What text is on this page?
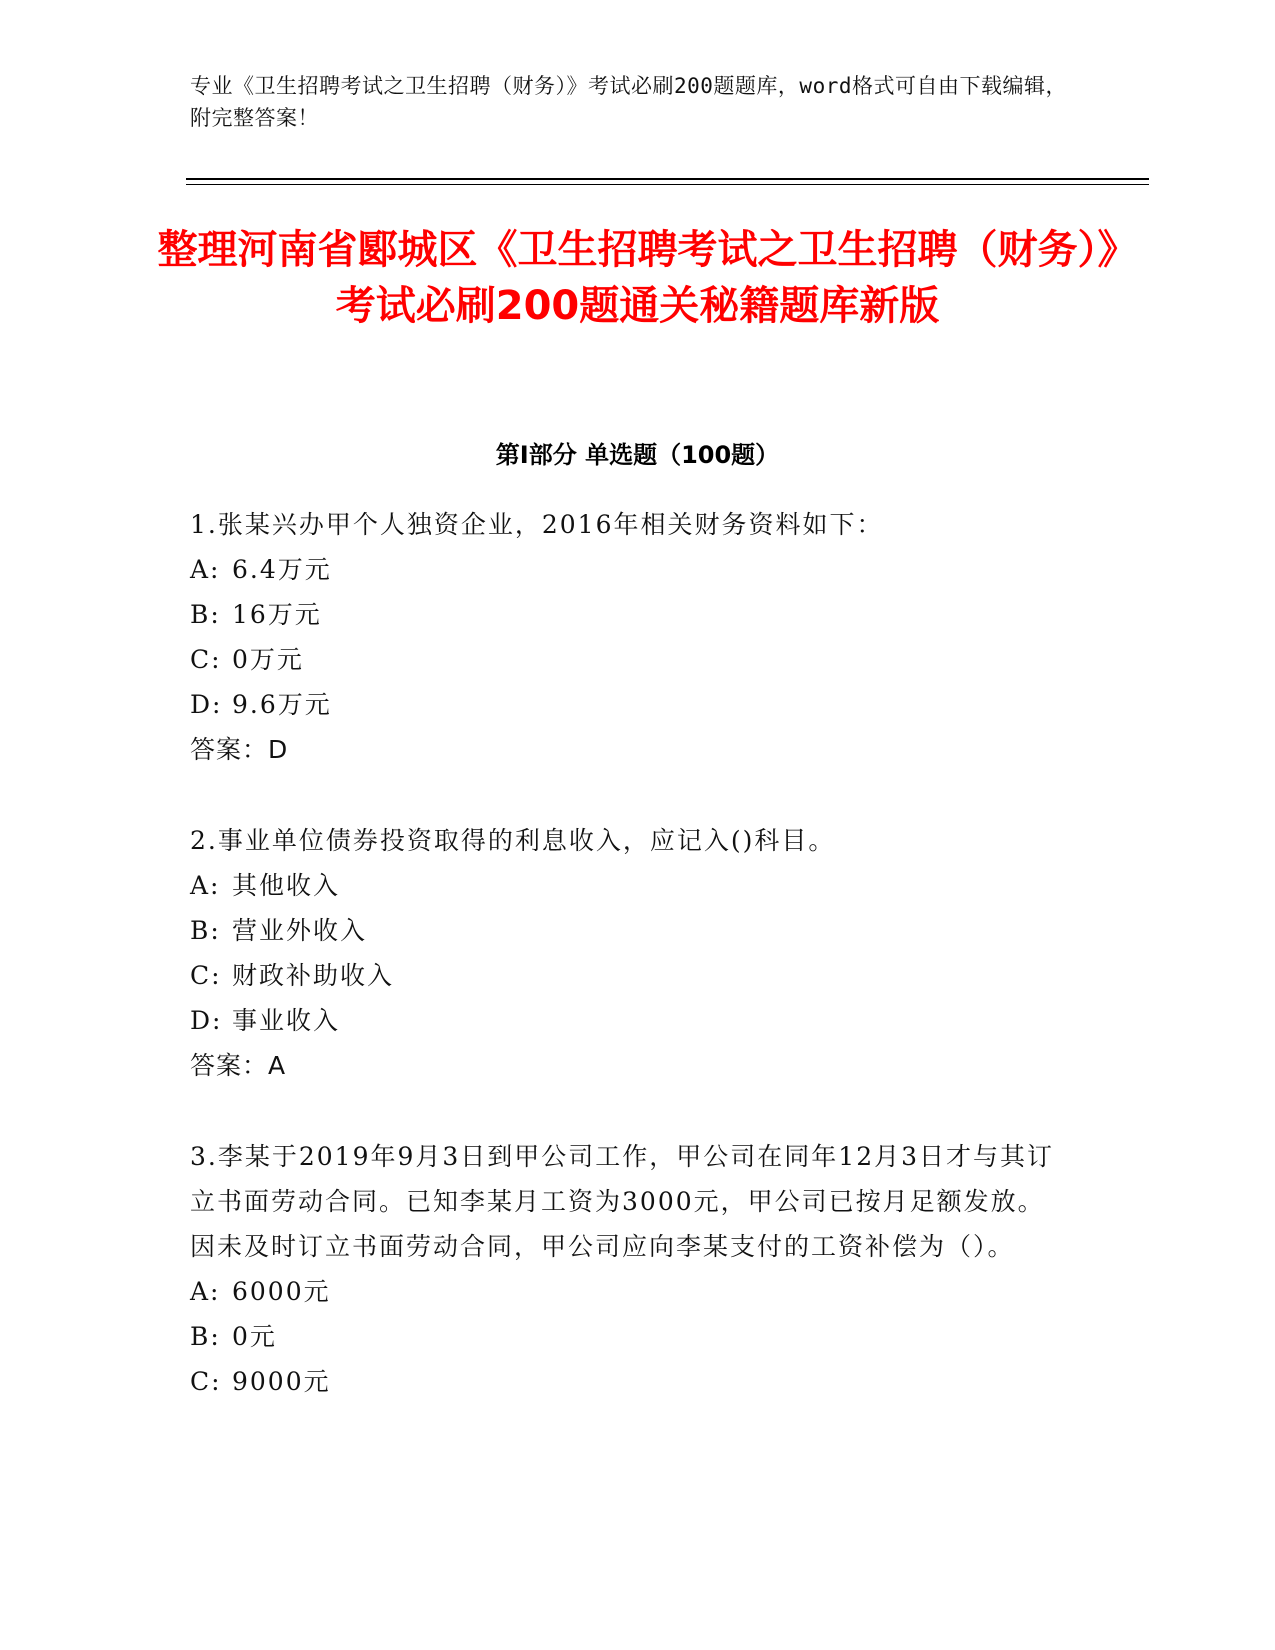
专业《卫生招聘考试之卫生招聘（财务）》考试必刷200题题库，word格式可自由下载编辑，附完整答案！
整理河南省郾城区《卫生招聘考试之卫生招聘（财务）》考试必刷200题通关秘籍题库新版
第Ⅰ部分 单选题（100题）

1.张某兴办甲个人独资企业，2016年相关财务资料如下：

A: 6.4万元

B: 16万元

C: 0万元

D: 9.6万元

答案：D

2.事业单位债券投资取得的利息收入，应记入()科目。

A: 其他收入

B: 营业外收入

C: 财政补助收入

D: 事业收入

答案：A

3.李某于2019年9月3日到甲公司工作，甲公司在同年12月3日才与其订立书面劳动合同。已知李某月工资为3000元，甲公司已按月足额发放。因未及时订立书面劳动合同，甲公司应向李某支付的工资补偿为（）。

A: 6000元

B: 0元

C: 9000元
